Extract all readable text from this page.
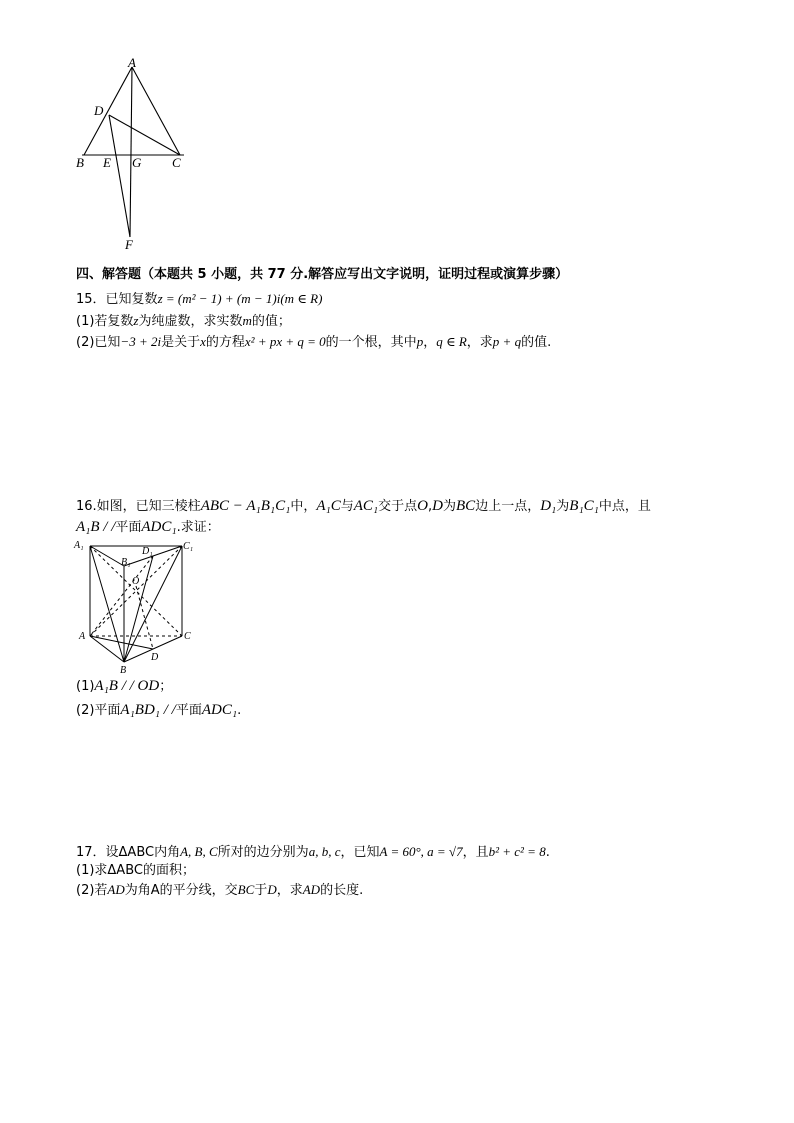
A
D
B E G C
F
四、解答题（本题共 5 小题，共 77 分.解答应写出文字说明，证明过程或演算步骤）
15．已知复数z = (m² − 1) + (m − 1)i(m ∈ R)
(1)若复数z为纯虚数，求实数m的值；
(2)已知−3 + 2i是关于x的方程x² + px + q = 0的一个根，其中p，q ∈ R，求p + q的值.
16.如图，已知三棱柱ABC − A₁B₁C₁中，A₁C与AC₁交于点O,D为BC边上一点，D₁为B₁C₁中点，且
A₁B / /平面ADC₁.求证：
A₁	C₁
D₁
B₁
O
A	C
D
B
(1)A₁B / / OD；
(2)平面A₁BD₁ / /平面ADC₁.
17．设ΔABC内角A, B, C所对的边分别为a, b, c，已知A = 60°, a = √7，且b² + c² = 8.
(1)求ΔABC的面积；
(2)若AD为角A的平分线，交BC于D，求AD的长度.
